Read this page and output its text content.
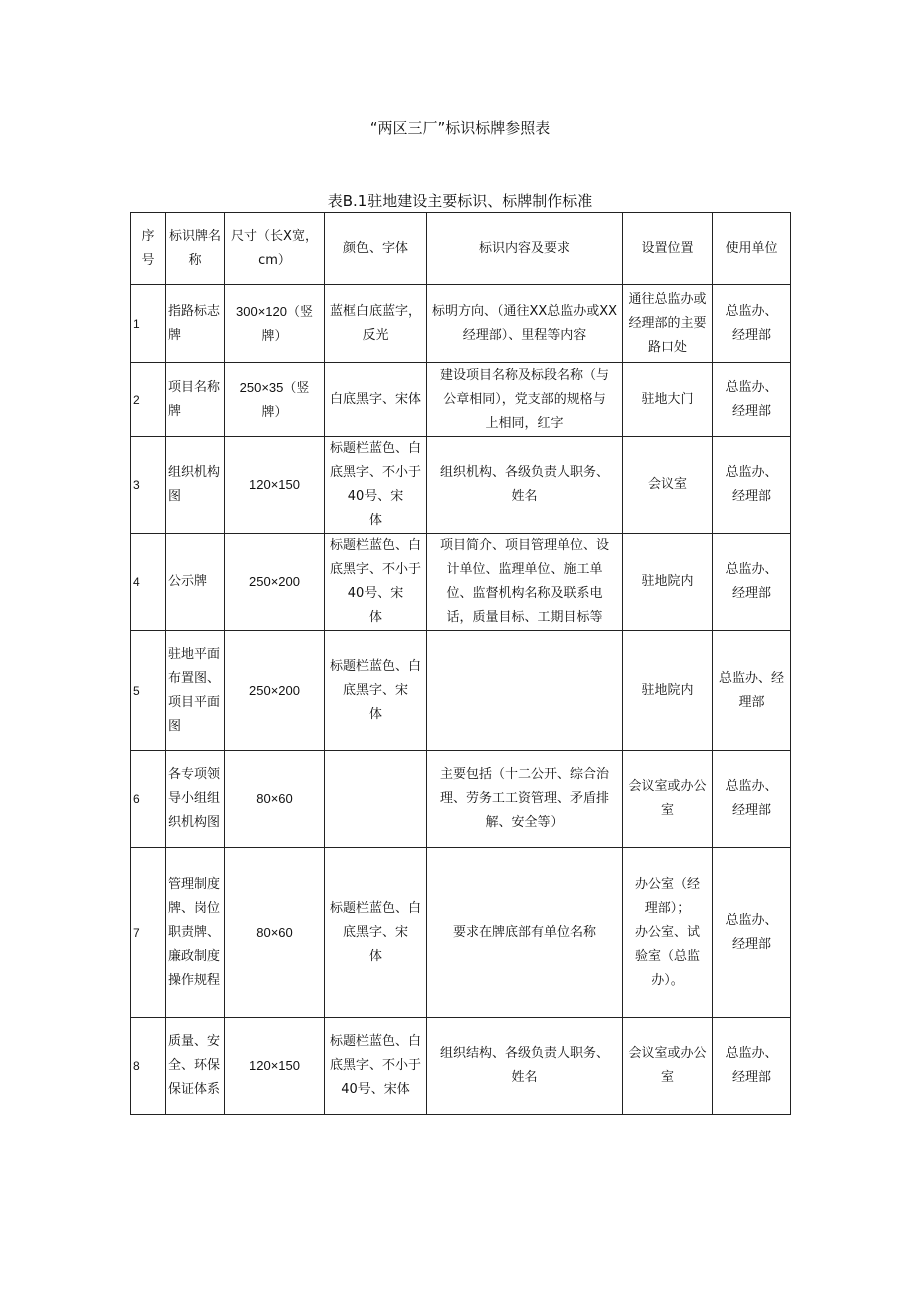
“两区三厂”标识标牌参照表
表B.1驻地建设主要标识、标牌制作标准
序
号	标识牌名
称	尺寸（长X宽，
cm）	颜色、字体	标识内容及要求	设置位置	使用单位
1	指路标志
牌	300×120（竖
牌）	蓝框白底蓝字，
反光	标明方向、（通往XX总监办或XX
经理部）、里程等内容	通往总监办或
经理部的主要
路口处	总监办、
经理部
2	项目名称
牌	250×35（竖
牌）	白底黑字、宋体	建设项目名称及标段名称（与
公章相同），党支部的规格与
上相同，红字	驻地大门	总监办、
经理部
3	组织机构
图	120×150	标题栏蓝色、白
底黑字、不小于
40号、宋
体	组织机构、各级负责人职务、
姓名	会议室	总监办、
经理部
4	公示牌	250×200	标题栏蓝色、白
底黑字、不小于
40号、宋
体	项目简介、项目管理单位、设
计单位、监理单位、施工单
位、监督机构名称及联系电
话，质量目标、工期目标等	驻地院内	总监办、
经理部
5	驻地平面
布置图、
项目平面
图	250×200	标题栏蓝色、白
底黑字、宋
体		驻地院内	总监办、经
理部
6	各专项领
导小组组
织机构图	80×60		主要包括（十二公开、综合治
理、劳务工工资管理、矛盾排
解、安全等）	会议室或办公
室	总监办、
经理部
7	管理制度
牌、岗位
职责牌、
廉政制度
操作规程	80×60	标题栏蓝色、白
底黑字、宋
体	要求在牌底部有单位名称	办公室（经
理部）；
办公室、试
验室（总监
办）。	总监办、
经理部
8	质量、安
全、环保
保证体系	120×150	标题栏蓝色、白
底黑字、不小于
40号、宋体	组织结构、各级负责人职务、
姓名	会议室或办公
室	总监办、
经理部
